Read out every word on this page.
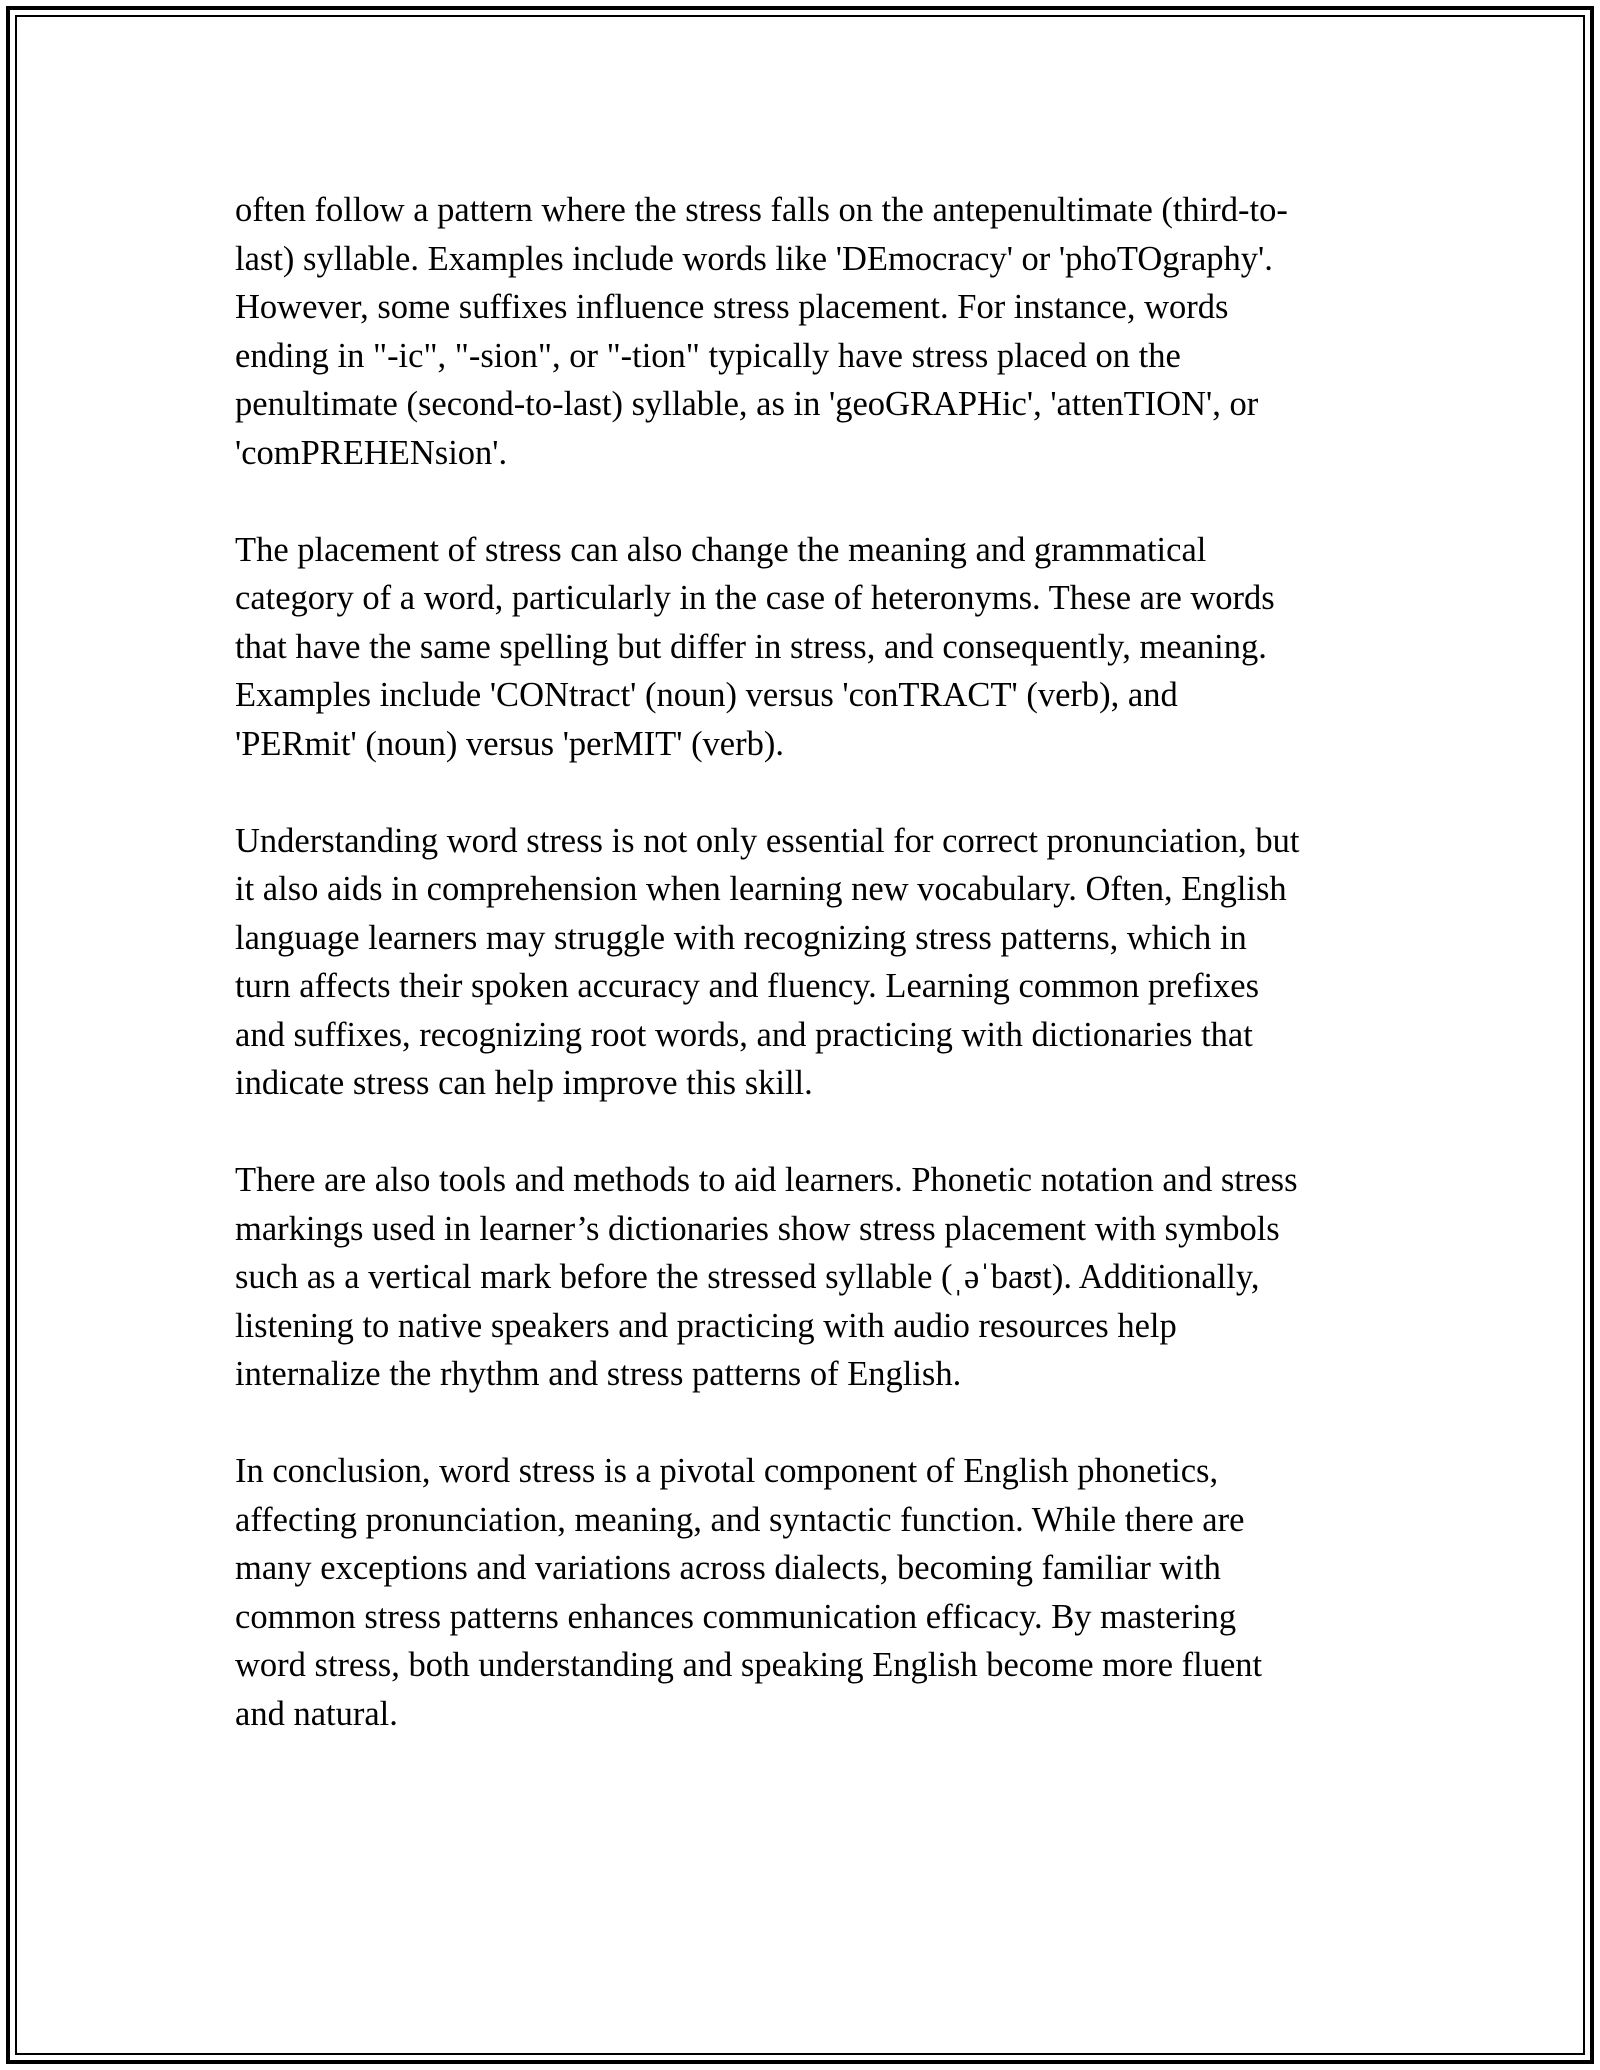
often follow a pattern where the stress falls on the antepenultimate (third-to-
last) syllable. Examples include words like 'DEmocracy' or 'phoTOgraphy'.
However, some suffixes influence stress placement. For instance, words
ending in "-ic", "-sion", or "-tion" typically have stress placed on the
penultimate (second-to-last) syllable, as in 'geoGRAPHic', 'attenTION', or
'comPREHENsion'.

The placement of stress can also change the meaning and grammatical
category of a word, particularly in the case of heteronyms. These are words
that have the same spelling but differ in stress, and consequently, meaning.
Examples include 'CONtract' (noun) versus 'conTRACT' (verb), and
'PERmit' (noun) versus 'perMIT' (verb).

Understanding word stress is not only essential for correct pronunciation, but
it also aids in comprehension when learning new vocabulary. Often, English
language learners may struggle with recognizing stress patterns, which in
turn affects their spoken accuracy and fluency. Learning common prefixes
and suffixes, recognizing root words, and practicing with dictionaries that
indicate stress can help improve this skill.

There are also tools and methods to aid learners. Phonetic notation and stress
markings used in learner’s dictionaries show stress placement with symbols
such as a vertical mark before the stressed syllable (ˌəˈbaʊt). Additionally,
listening to native speakers and practicing with audio resources help
internalize the rhythm and stress patterns of English.

In conclusion, word stress is a pivotal component of English phonetics,
affecting pronunciation, meaning, and syntactic function. While there are
many exceptions and variations across dialects, becoming familiar with
common stress patterns enhances communication efficacy. By mastering
word stress, both understanding and speaking English become more fluent
and natural.
